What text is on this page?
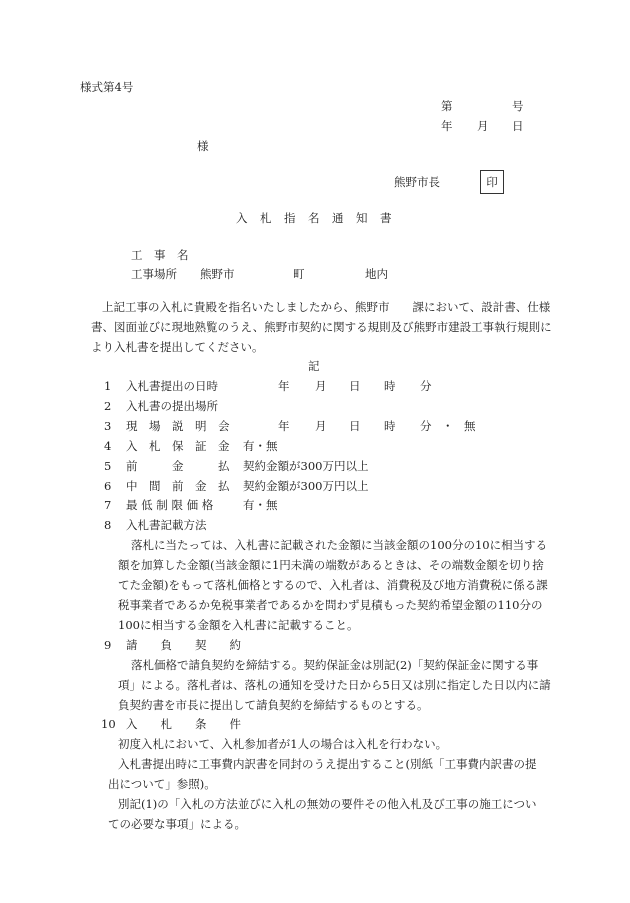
様式第4号
第	号
年 月 日
様
熊野市長	印
入　札　指　名　通　知　書
工　事　名
工事場所 熊野市	町	地内
上記工事の入札に貴殿を指名いたしましたから、熊野市　　課において、設計書、仕様
書、図面並びに現地熟覧のうえ、熊野市契約に関する規則及び熊野市建設工事執行規則に
より入札書を提出してください。
記
1 入札書提出の日時	年 月 日 時 分
2 入札書の提出場所
3 現　場　説　明　会	年 月 日 時 分 ・ 無
4 入　札　保　証　金 有・無
5 前　　　金　　　払 契約金額が300万円以上
6 中　間　前　金　払 契約金額が300万円以上
7 最 低 制 限 価 格	有・無
8 入札書記載方法
落札に当たっては、入札書に記載された金額に当該金額の100分の10に相当する
額を加算した金額(当該金額に1円未満の端数があるときは、その端数金額を切り捨
てた金額)をもって落札価格とするので、入札者は、消費税及び地方消費税に係る課
税事業者であるか免税事業者であるかを問わず見積もった契約希望金額の110分の
100に相当する金額を入札書に記載すること。
9 請　　負　　契　　約
落札価格で請負契約を締結する。契約保証金は別記(2)「契約保証金に関する事
項」による。落札者は、落札の通知を受けた日から5日又は別に指定した日以内に請
負契約書を市長に提出して請負契約を締結するものとする。
10 入　　札　　条　　件
初度入札において、入札参加者が1人の場合は入札を行わない。
入札書提出時に工事費内訳書を同封のうえ提出すること(別紙「工事費内訳書の提
出について」参照)。
別記(1)の「入札の方法並びに入札の無効の要件その他入札及び工事の施工につい
ての必要な事項」による。
